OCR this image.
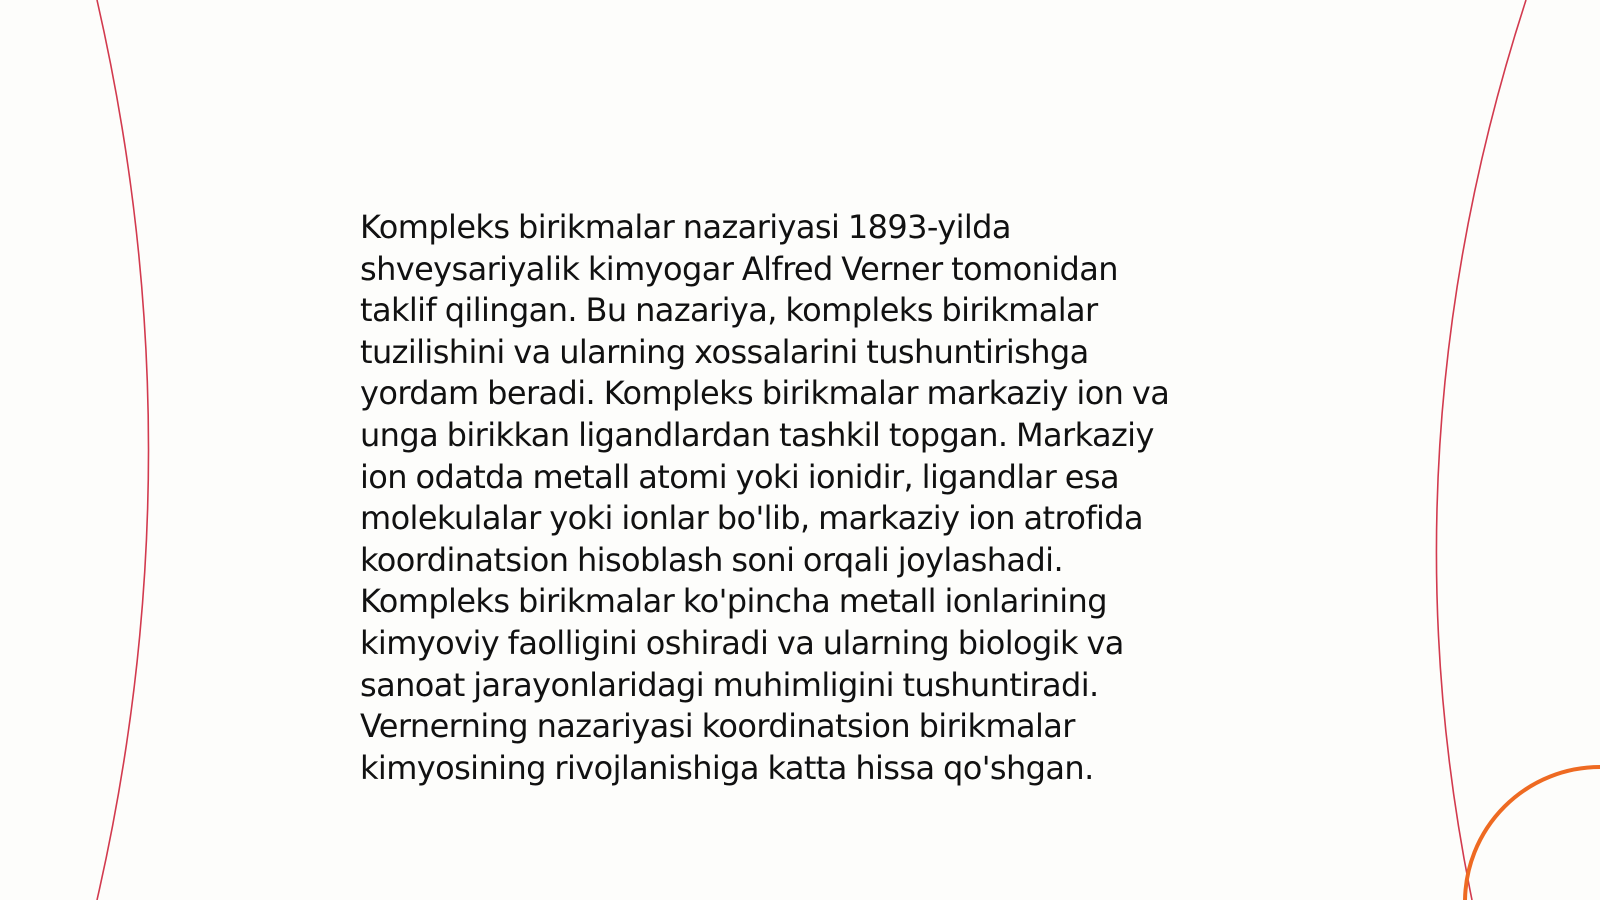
Kompleks birikmalar nazariyasi 1893-yilda
shveysariyalik kimyogar Alfred Verner tomonidan
taklif qilingan. Bu nazariya, kompleks birikmalar
tuzilishini va ularning xossalarini tushuntirishga
yordam beradi. Kompleks birikmalar markaziy ion va
unga birikkan ligandlardan tashkil topgan. Markaziy
ion odatda metall atomi yoki ionidir, ligandlar esa
molekulalar yoki ionlar bo'lib, markaziy ion atrofida
koordinatsion hisoblash soni orqali joylashadi.
Kompleks birikmalar ko'pincha metall ionlarining
kimyoviy faolligini oshiradi va ularning biologik va
sanoat jarayonlaridagi muhimligini tushuntiradi.
Vernerning nazariyasi koordinatsion birikmalar
kimyosining rivojlanishiga katta hissa qo'shgan.
